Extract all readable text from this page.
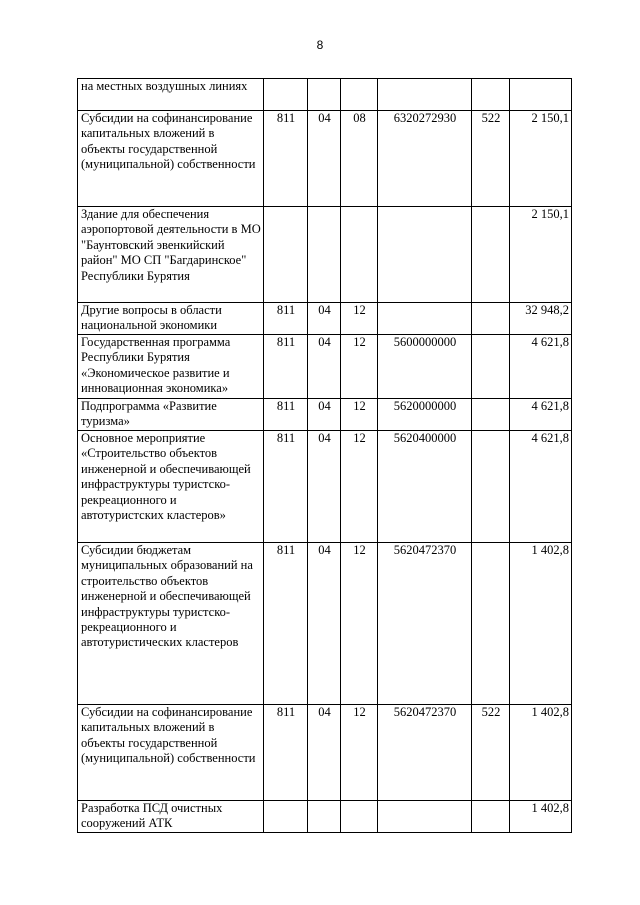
8
на местных воздушных линиях						
Субсидии на софинансирование капитальных вложений в объекты государственной (муниципальной) собственности	811	04	08	6320272930	522	2 150,1
Здание для обеспечения аэропортовой деятельности в МО "Баунтовский эвенкийский район" МО СП "Багдаринское" Республики Бурятия						2 150,1
Другие вопросы в области национальной экономики	811	04	12			32 948,2
Государственная программа Республики Бурятия «Экономическое развитие и инновационная экономика»	811	04	12	5600000000		4 621,8
Подпрограмма «Развитие туризма»	811	04	12	5620000000		4 621,8
Основное мероприятие «Строительство объектов инженерной и обеспечивающей инфраструктуры туристско-рекреационного и автотуристских кластеров»	811	04	12	5620400000		4 621,8
Субсидии бюджетам муниципальных образований на строительство объектов инженерной и обеспечивающей инфраструктуры туристско-рекреационного и автотуристических кластеров	811	04	12	5620472370		1 402,8
Субсидии на софинансирование капитальных вложений в объекты государственной (муниципальной) собственности	811	04	12	5620472370	522	1 402,8
Разработка ПСД очистных сооружений АТК						1 402,8
